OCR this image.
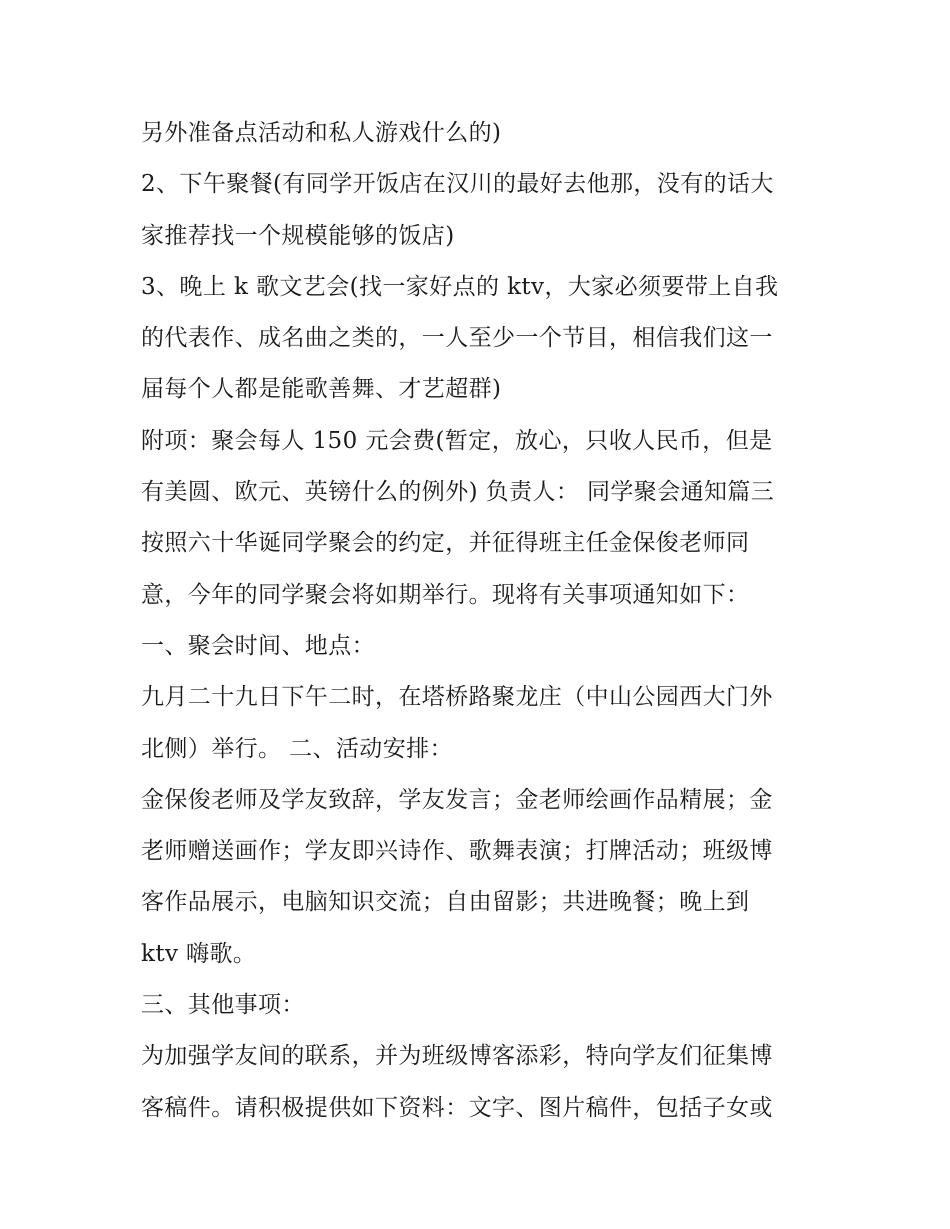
另外准备点活动和私人游戏什么的)
2、下午聚餐(有同学开饭店在汉川的最好去他那，没有的话大
家推荐找一个规模能够的饭店)
3、晚上 k 歌文艺会(找一家好点的 ktv，大家必须要带上自我
的代表作、成名曲之类的，一人至少一个节目，相信我们这一
届每个人都是能歌善舞、才艺超群)
附项：聚会每人 150 元会费(暂定，放心，只收人民币，但是
有美圆、欧元、英镑什么的例外) 负责人： 同学聚会通知篇三
按照六十华诞同学聚会的约定，并征得班主任金保俊老师同
意，今年的同学聚会将如期举行。现将有关事项通知如下：
一、聚会时间、地点：
九月二十九日下午二时，在塔桥路聚龙庄（中山公园西大门外
北侧）举行。 二、活动安排：
金保俊老师及学友致辞，学友发言；金老师绘画作品精展；金
老师赠送画作；学友即兴诗作、歌舞表演；打牌活动；班级博
客作品展示，电脑知识交流；自由留影；共进晚餐；晚上到
ktv 嗨歌。
三、其他事项：
为加强学友间的联系，并为班级博客添彩，特向学友们征集博
客稿件。请积极提供如下资料：文字、图片稿件，包括子女或
